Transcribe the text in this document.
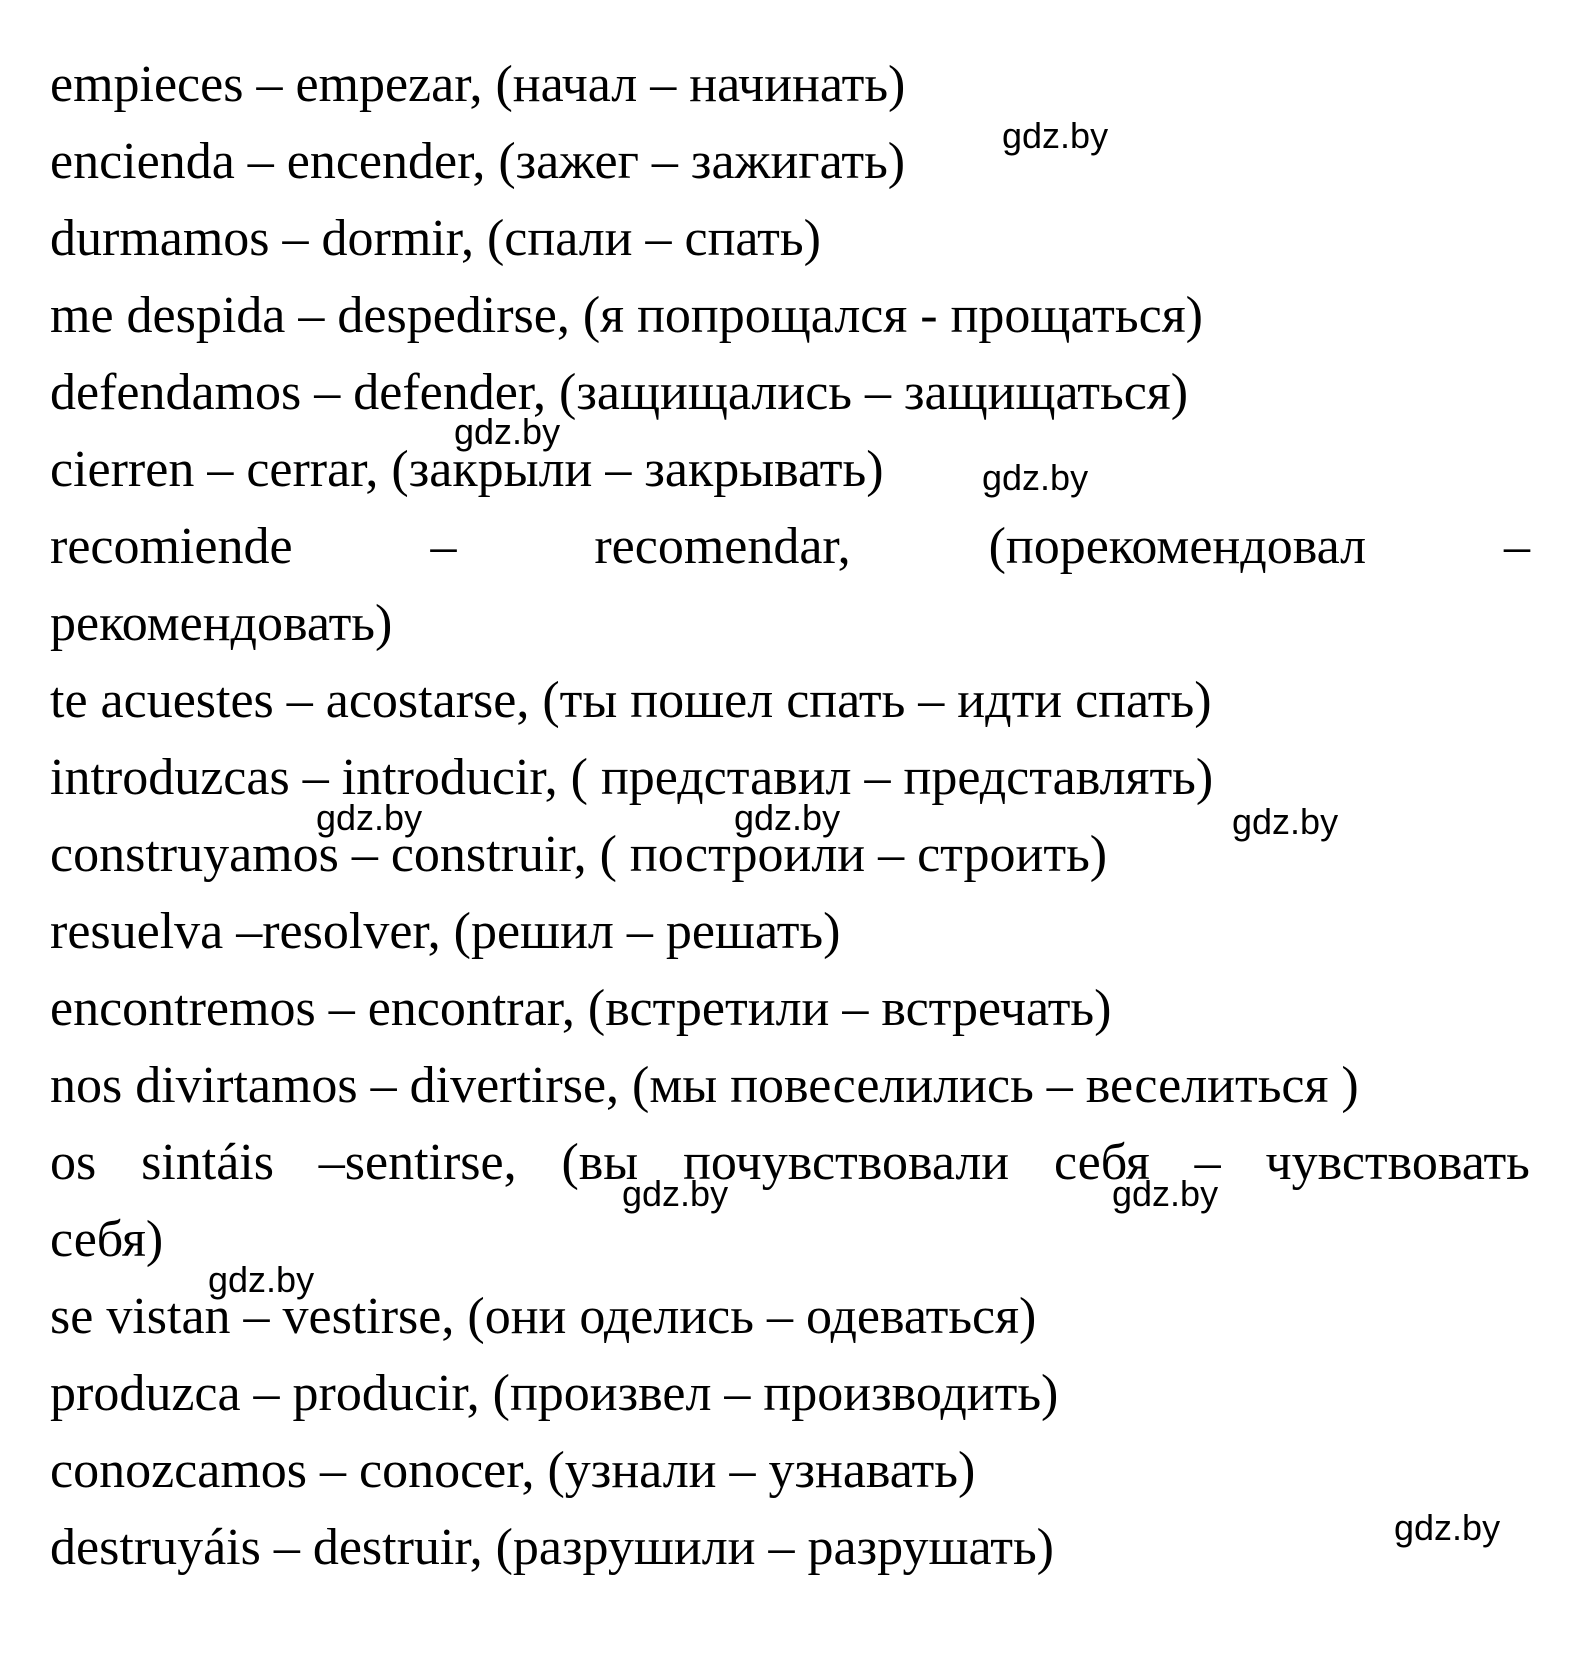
empieces – empezar, (начал – начинать)
encienda – encender, (зажег – зажигать)
durmamos – dormir, (спали – спать)
me despida – despedirse, (я попрощался - прощаться)
defendamos – defender, (защищались – защищаться)
cierren – cerrar, (закрыли – закрывать)
recomiende	–	recomendar,	(порекомендовал	–
рекомендовать)
te acuestes – acostarse, (ты пошел спать – идти спать)
introduzcas – introducir, ( представил – представлять)
construyamos – construir, ( построили – строить)
resuelva –resolver, (решил – решать)
encontremos – encontrar, (встретили – встречать)
nos divirtamos – divertirse, (мы повеселились – веселиться )
os sintáis –sentirse, (вы почувствовали себя – чувствовать
себя)
se vistan – vestirse, (они оделись – одеваться)
produzca – producir, (произвел – производить)
conozcamos – conocer, (узнали – узнавать)
destruyáis – destruir, (разрушили – разрушать)
gdz.by
gdz.by
gdz.by
gdz.by	gdz.by	gdz.by
gdz.by	gdz.by
gdz.by
gdz.by
